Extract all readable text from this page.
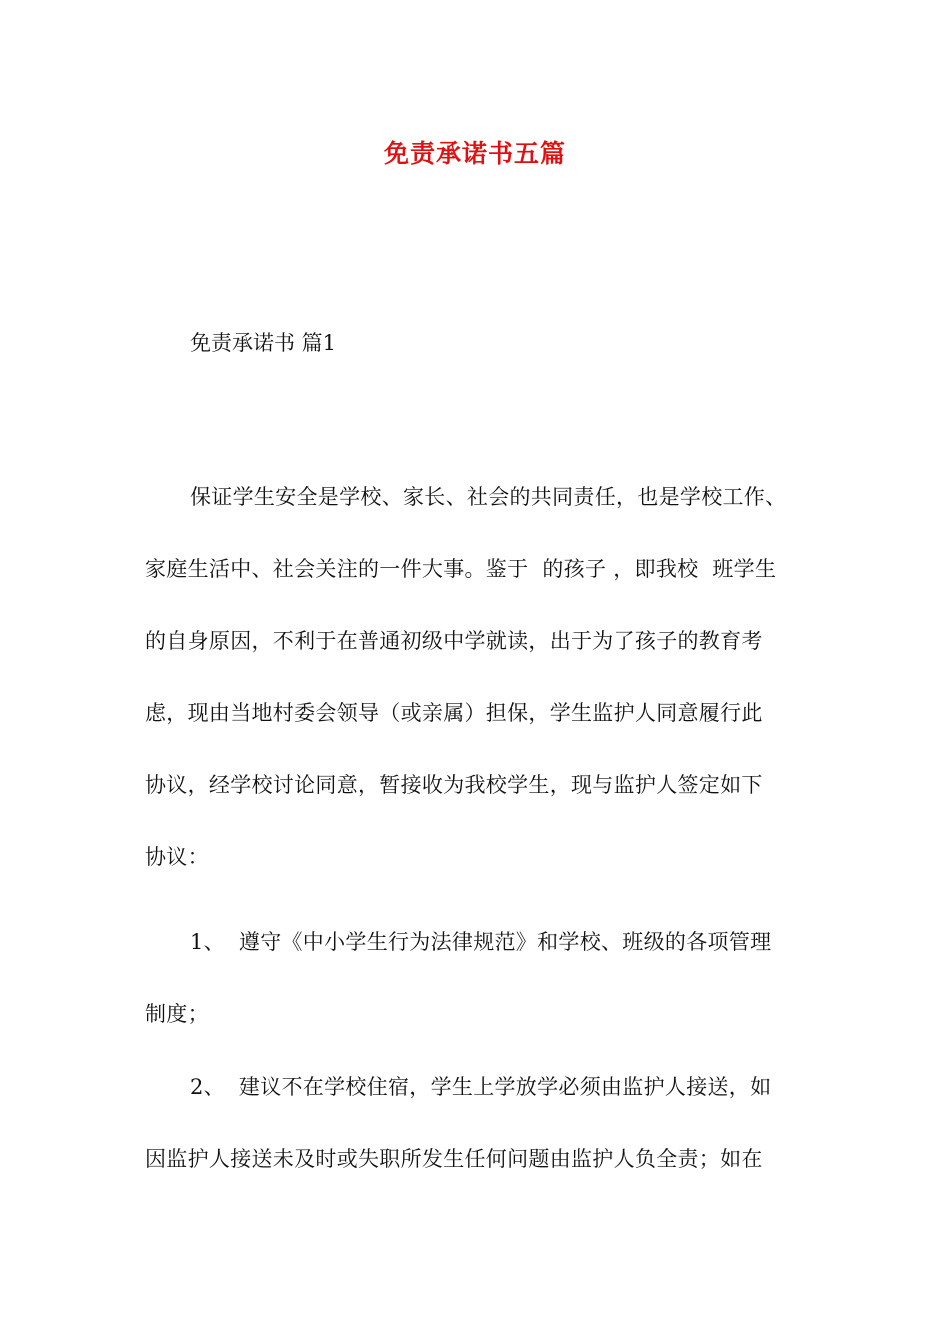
免责承诺书五篇
免责承诺书 篇1
保证学生安全是学校、家长、社会的共同责任，也是学校工作、
家庭生活中、社会关注的一件大事。鉴于  的孩子 ，即我校  班学生
的自身原因，不利于在普通初级中学就读，出于为了孩子的教育考
虑，现由当地村委会领导（或亲属）担保，学生监护人同意履行此
协议，经学校讨论同意，暂接收为我校学生，现与监护人签定如下
协议：
1、  遵守《中小学生行为法律规范》和学校、班级的各项管理
制度；
2、  建议不在学校住宿，学生上学放学必须由监护人接送，如
因监护人接送未及时或失职所发生任何问题由监护人负全责；如在
